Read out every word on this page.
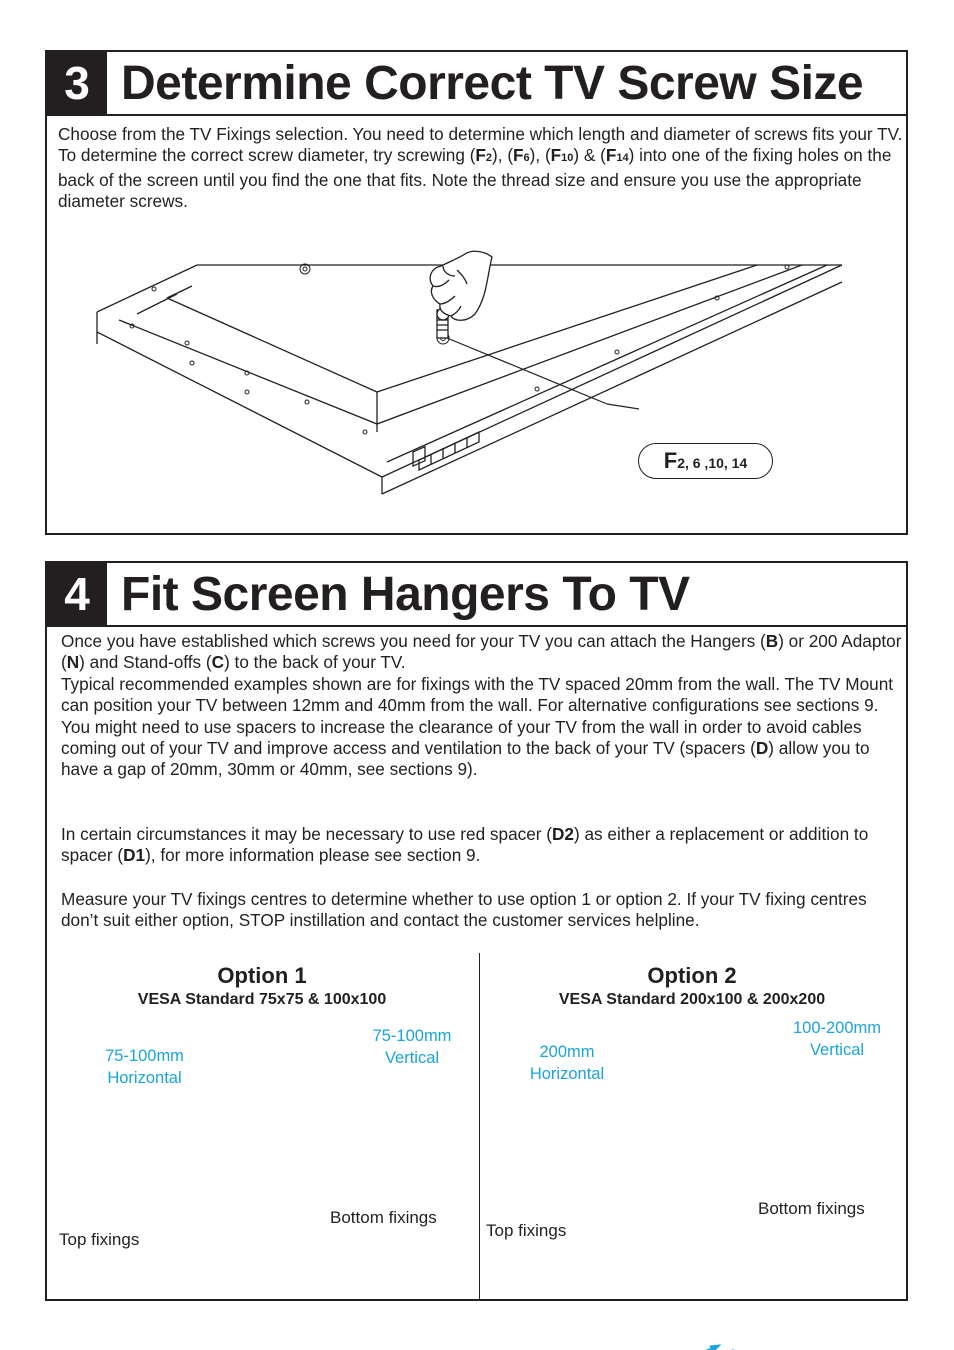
3 Determine Correct TV Screw Size

Choose from the TV Fixings selection. You need to determine which length and diameter of screws fits your TV. To determine the correct screw diameter, try screwing (F2), (F6), (F10) & (F14) into one of the fixing holes on the back of the screen until you find the one that fits. Note the thread size and ensure you use the appropriate diameter screws.

F2, 6 ,10, 14
4 Fit Screen Hangers To TV

Once you have established which screws you need for your TV you can attach the Hangers (B) or 200 Adaptor (N) and Stand-offs (C) to the back of your TV.
Typical recommended examples shown are for fixings with the TV spaced 20mm from the wall. The TV Mount can position your TV between 12mm and 40mm from the wall. For alternative configurations see sections 9.
You might need to use spacers to increase the clearance of your TV from the wall in order to avoid cables coming out of your TV and improve access and ventilation to the back of your TV (spacers (D) allow you to have a gap of 20mm, 30mm or 40mm, see sections 9).

In certain circumstances it may be necessary to use red spacer (D2) as either a replacement or addition to spacer (D1), for more information please see section 9.

Measure your TV fixings centres to determine whether to use option 1 or option 2. If your TV fixing centres don’t suit either option, STOP instillation and contact the customer services helpline.

Option 1
VESA Standard 75x75 & 100x100
75-100mm
Horizontal
75-100mm
Vertical
Bottom fixings
Top fixings
Option 2
VESA Standard 200x100 & 200x200
200mm
Horizontal
100-200mm
Vertical
Bottom fixings
Top fixings
